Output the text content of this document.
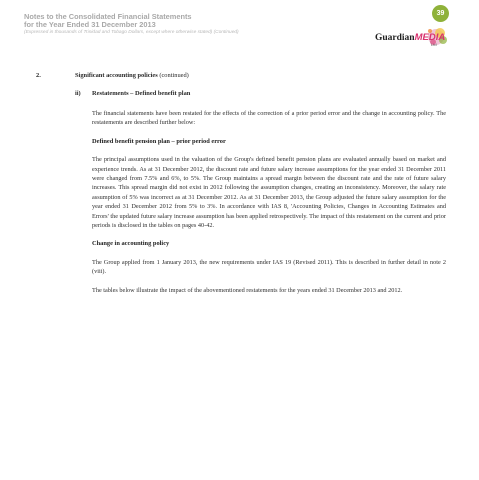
Notes to the Consolidated Financial Statements
for the Year Ended 31 December 2013
(Expressed in thousands of Trinidad and Tobago Dollars, except where otherwise stated) (Continued)
39
GuardianMEDIA
Ltd
2.	Significant accounting policies (continued)
ii) Restatements – Defined benefit plan

The financial statements have been restated for the effects of the correction of a prior period error and the change in accounting policy. The restatements are described further below:

Defined benefit pension plan – prior period error

The principal assumptions used in the valuation of the Group's defined benefit pension plans are evaluated annually based on market and experience trends. As at 31 December 2012, the discount rate and future salary increase assumptions for the year ended 31 December 2011 were changed from 7.5% and 6%, to 5%. The Group maintains a spread margin between the discount rate and the rate of future salary increases. This spread margin did not exist in 2012 following the assumption changes, creating an inconsistency. Moreover, the salary rate assumption of 5% was incorrect as at 31 December 2012. As at 31 December 2013, the Group adjusted the future salary assumption for the year ended 31 December 2012 from 5% to 3%. In accordance with IAS 8, 'Accounting Policies, Changes in Accounting Estimates and Errors' the updated future salary increase assumption has been applied retrospectively. The impact of this restatement on the current and prior periods is disclosed in the tables on pages 40-42.

Change in accounting policy

The Group applied from 1 January 2013, the new requirements under IAS 19 (Revised 2011). This is described in further detail in note 2 (viii).

The tables below illustrate the impact of the abovementioned restatements for the years ended 31 December 2013 and 2012.
